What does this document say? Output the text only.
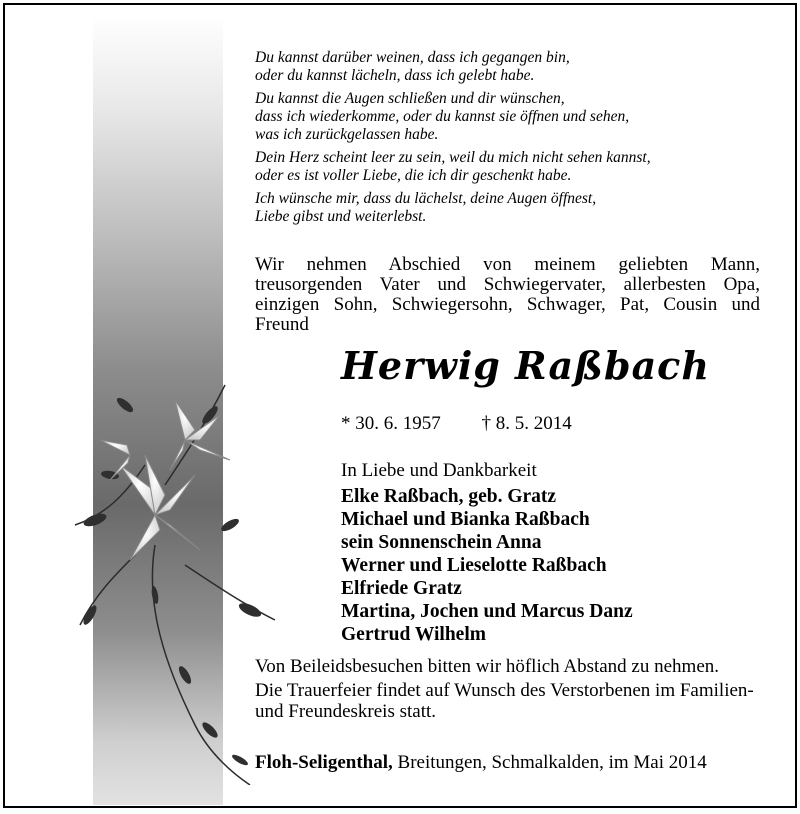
Du kannst darüber weinen, dass ich gegangen bin,
oder du kannst lächeln, dass ich gelebt habe.
Du kannst die Augen schließen und dir wünschen,
dass ich wiederkomme, oder du kannst sie öffnen und sehen,
was ich zurückgelassen habe.
Dein Herz scheint leer zu sein, weil du mich nicht sehen kannst,
oder es ist voller Liebe, die ich dir geschenkt habe.
Ich wünsche mir, dass du lächelst, deine Augen öffnest,
Liebe gibst und weiterlebst.
Wir nehmen Abschied von meinem geliebten Mann, treusorgenden Vater und Schwiegervater, allerbesten Opa, einzigen Sohn, Schwiegersohn, Schwager, Pat, Cousin und Freund
Herwig Raßbach
* 30. 6. 1957 † 8. 5. 2014
In Liebe und Dankbarkeit
Elke Raßbach, geb. Gratz
Michael und Bianka Raßbach
sein Sonnenschein Anna
Werner und Lieselotte Raßbach
Elfriede Gratz
Martina, Jochen und Marcus Danz
Gertrud Wilhelm

Von Beileidsbesuchen bitten wir höflich Abstand zu nehmen.

Die Trauerfeier findet auf Wunsch des Verstorbenen im Familien- und Freundeskreis statt.

Floh-Seligenthal, Breitungen, Schmalkalden, im Mai 2014
